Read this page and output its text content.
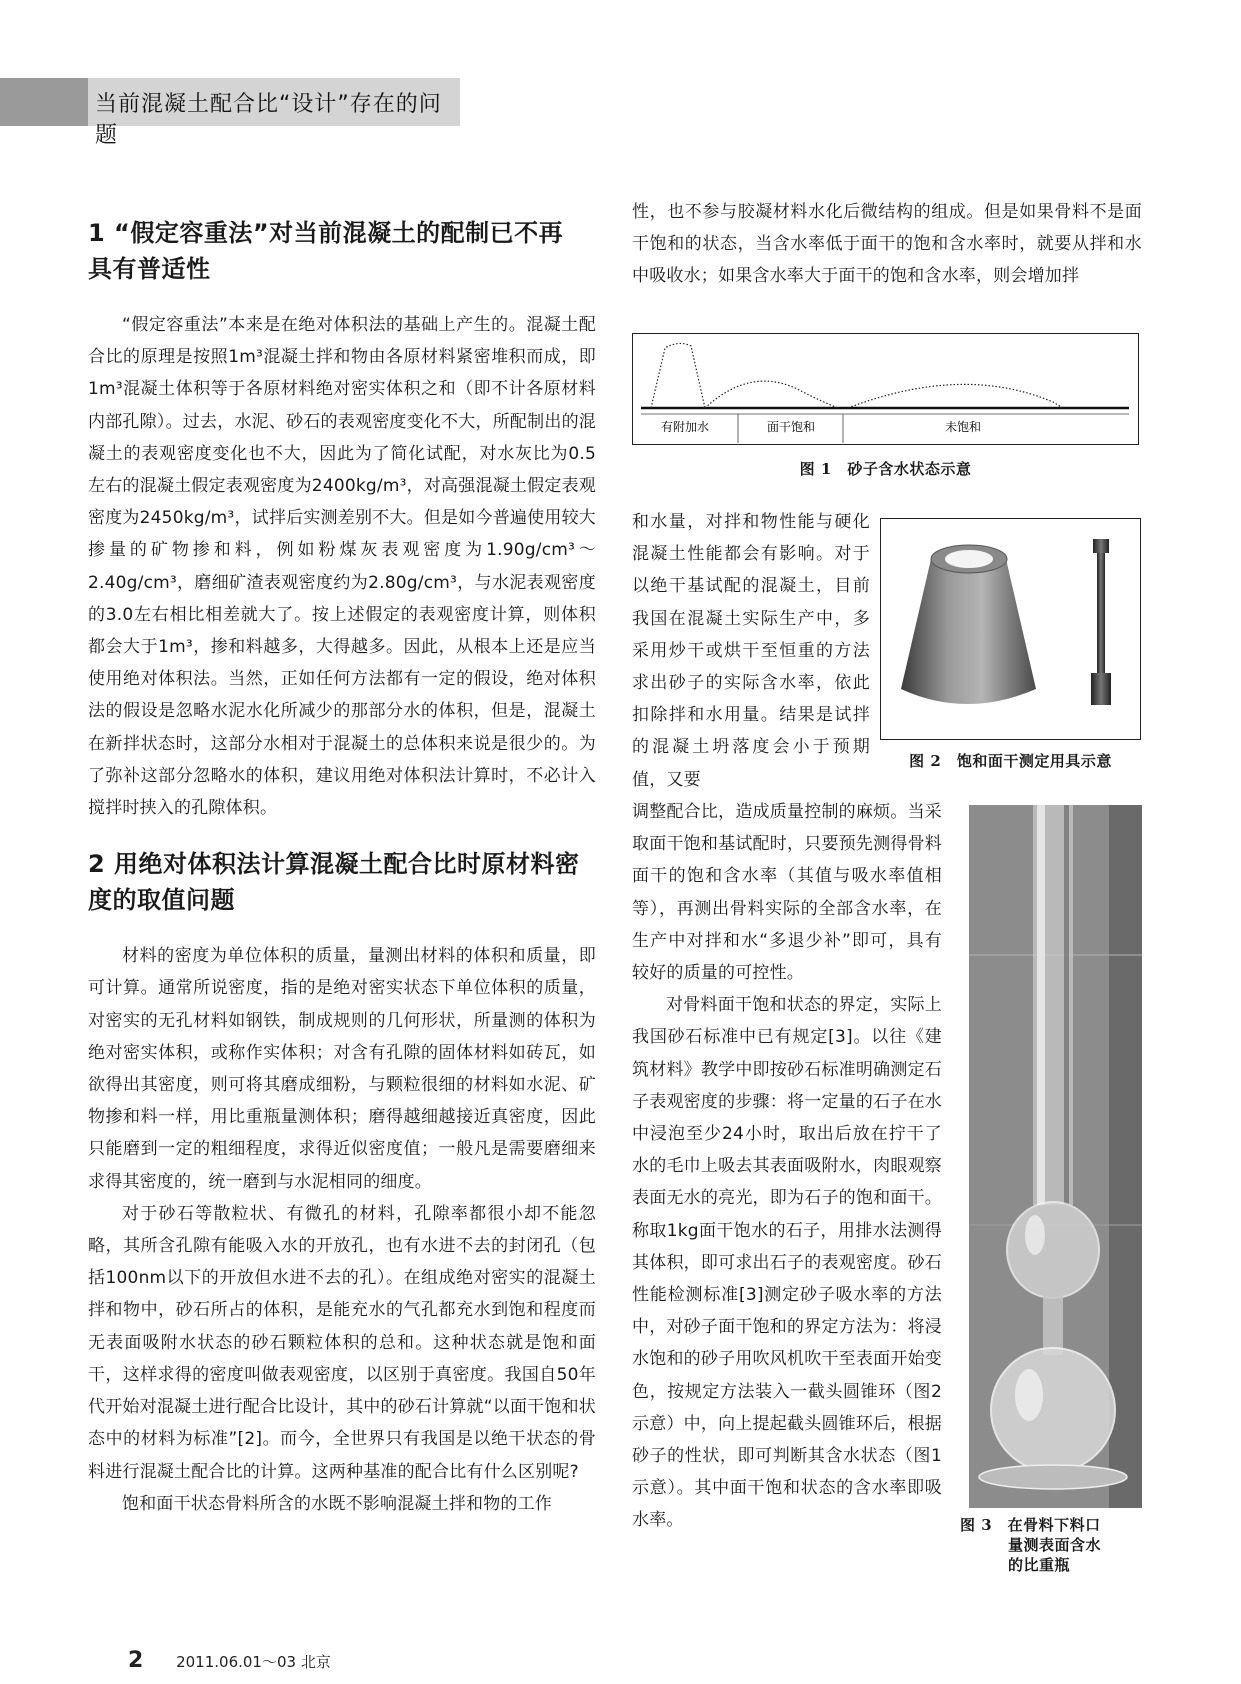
当前混凝土配合比“设计”存在的问题
1 “假定容重法”对当前混凝土的配制已不再
具有普适性

“假定容重法”本来是在绝对体积法的基础上产生的。混凝土配合比的原理是按照1m³混凝土拌和物由各原材料紧密堆积而成，即1m³混凝土体积等于各原材料绝对密实体积之和（即不计各原材料内部孔隙）。过去，水泥、砂石的表观密度变化不大，所配制出的混凝土的表观密度变化也不大，因此为了简化试配，对水灰比为0.5左右的混凝土假定表观密度为2400kg/m³，对高强混凝土假定表观密度为2450kg/m³，试拌后实测差别不大。但是如今普遍使用较大掺量的矿物掺和料，例如粉煤灰表观密度为1.90g/cm³～2.40g/cm³，磨细矿渣表观密度约为2.80g/cm³，与水泥表观密度的3.0左右相比相差就大了。按上述假定的表观密度计算，则体积都会大于1m³，掺和料越多，大得越多。因此，从根本上还是应当使用绝对体积法。当然，正如任何方法都有一定的假设，绝对体积法的假设是忽略水泥水化所减少的那部分水的体积，但是，混凝土在新拌状态时，这部分水相对于混凝土的总体积来说是很少的。为了弥补这部分忽略水的体积，建议用绝对体积法计算时，不必计入搅拌时挟入的孔隙体积。

2 用绝对体积法计算混凝土配合比时原材料密
度的取值问题

材料的密度为单位体积的质量，量测出材料的体积和质量，即可计算。通常所说密度，指的是绝对密实状态下单位体积的质量，对密实的无孔材料如钢铁，制成规则的几何形状，所量测的体积为绝对密实体积，或称作实体积；对含有孔隙的固体材料如砖瓦，如欲得出其密度，则可将其磨成细粉，与颗粒很细的材料如水泥、矿物掺和料一样，用比重瓶量测体积；磨得越细越接近真密度，因此只能磨到一定的粗细程度，求得近似密度值；一般凡是需要磨细来求得其密度的，统一磨到与水泥相同的细度。

对于砂石等散粒状、有微孔的材料，孔隙率都很小却不能忽略，其所含孔隙有能吸入水的开放孔，也有水进不去的封闭孔（包括100nm以下的开放但水进不去的孔）。在组成绝对密实的混凝土拌和物中，砂石所占的体积，是能充水的气孔都充水到饱和程度而无表面吸附水状态的砂石颗粒体积的总和。这种状态就是饱和面干，这样求得的密度叫做表观密度，以区别于真密度。我国自50年代开始对混凝土进行配合比设计，其中的砂石计算就“以面干饱和状态中的材料为标准”[2]。而今，全世界只有我国是以绝干状态的骨料进行混凝土配合比的计算。这两种基准的配合比有什么区别呢?

饱和面干状态骨料所含的水既不影响混凝土拌和物的工作

性，也不参与胶凝材料水化后微结构的组成。但是如果骨料不是面干饱和的状态，当含水率低于面干的饱和含水率时，就要从拌和水中吸收水；如果含水率大于面干的饱和含水率，则会增加拌

有附加水	面干饱和	未饱和
图 1　砂子含水状态示意

和水量，对拌和物性能与硬化混凝土性能都会有影响。对于以绝干基试配的混凝土，目前我国在混凝土实际生产中，多采用炒干或烘干至恒重的方法求出砂子的实际含水率，依此扣除拌和水用量。结果是试拌的混凝土坍落度会小于预期值，又要

图 2　饱和面干测定用具示意

调整配合比，造成质量控制的麻烦。当采取面干饱和基试配时，只要预先测得骨料面干的饱和含水率（其值与吸水率值相等），再测出骨料实际的全部含水率，在生产中对拌和水“多退少补”即可，具有较好的质量的可控性。

对骨料面干饱和状态的界定，实际上我国砂石标准中已有规定[3]。以往《建筑材料》教学中即按砂石标准明确测定石子表观密度的步骤：将一定量的石子在水中浸泡至少24小时，取出后放在拧干了水的毛巾上吸去其表面吸附水，肉眼观察表面无水的亮光，即为石子的饱和面干。称取1kg面干饱水的石子，用排水法测得其体积，即可求出石子的表观密度。砂石性能检测标准[3]测定砂子吸水率的方法中，对砂子面干饱和的界定方法为：将浸水饱和的砂子用吹风机吹干至表面开始变色，按规定方法装入一截头圆锥环（图2示意）中，向上提起截头圆锥环后，根据砂子的性状，即可判断其含水状态（图1示意）。其中面干饱和状态的含水率即吸水率。	图 3　在骨料下料口
量测表面含水
的比重瓶
2 2011.06.01～03 北京
